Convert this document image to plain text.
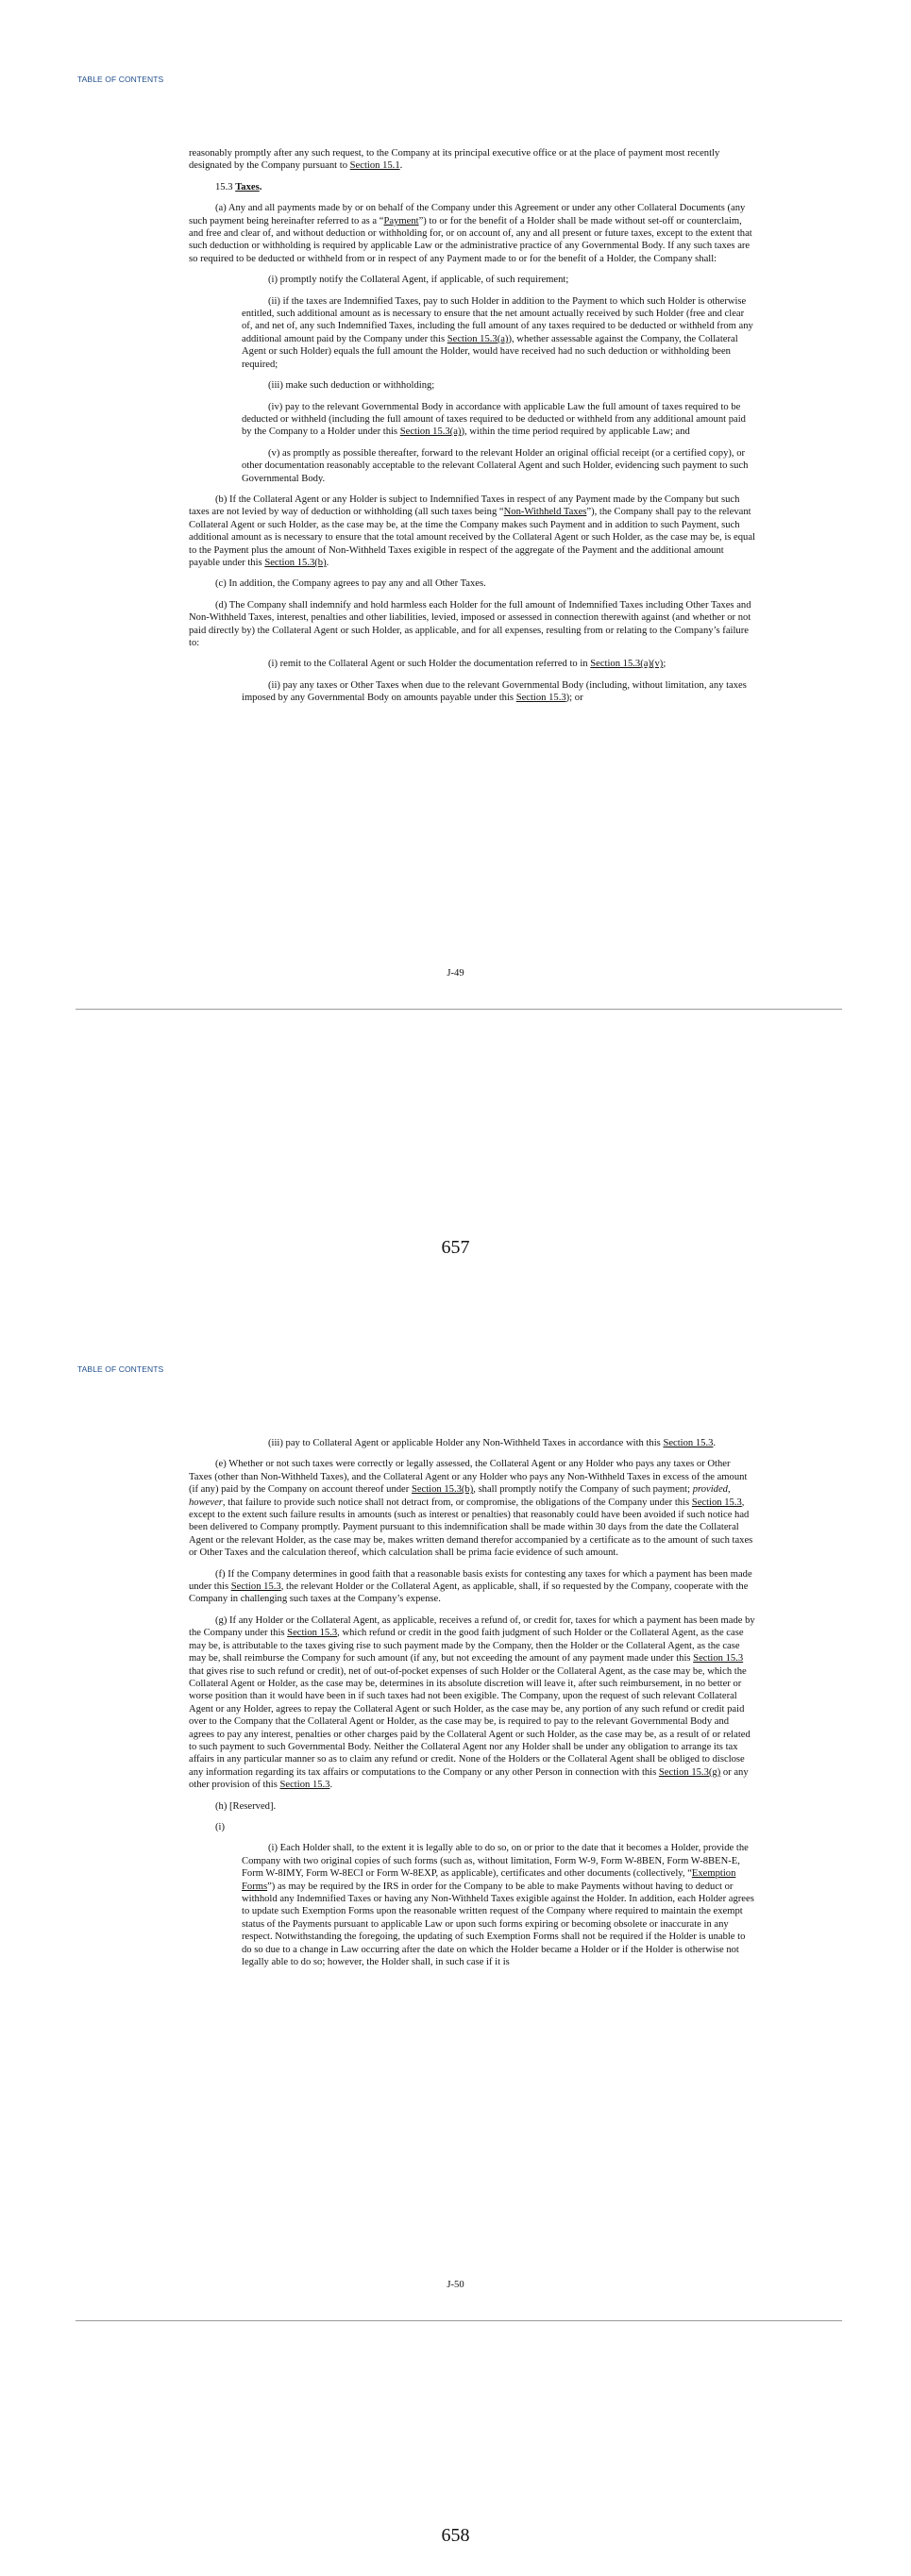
TABLE OF CONTENTS

reasonably promptly after any such request, to the Company at its principal executive office or at the place of payment most recently designated by the Company pursuant to Section 15.1.

15.3 Taxes.

(a) Any and all payments made by or on behalf of the Company under this Agreement or under any other Collateral Documents (any such payment being hereinafter referred to as a “Payment”) to or for the benefit of a Holder shall be made without set-off or counterclaim, and free and clear of, and without deduction or withholding for, or on account of, any and all present or future taxes, except to the extent that such deduction or withholding is required by applicable Law or the administrative practice of any Governmental Body. If any such taxes are so required to be deducted or withheld from or in respect of any Payment made to or for the benefit of a Holder, the Company shall:

(i) promptly notify the Collateral Agent, if applicable, of such requirement;

(ii) if the taxes are Indemnified Taxes, pay to such Holder in addition to the Payment to which such Holder is otherwise entitled, such additional amount as is necessary to ensure that the net amount actually received by such Holder (free and clear of, and net of, any such Indemnified Taxes, including the full amount of any taxes required to be deducted or withheld from any additional amount paid by the Company under this Section 15.3(a)), whether assessable against the Company, the Collateral Agent or such Holder) equals the full amount the Holder, would have received had no such deduction or withholding been required;

(iii) make such deduction or withholding;

(iv) pay to the relevant Governmental Body in accordance with applicable Law the full amount of taxes required to be deducted or withheld (including the full amount of taxes required to be deducted or withheld from any additional amount paid by the Company to a Holder under this Section 15.3(a)), within the time period required by applicable Law; and

(v) as promptly as possible thereafter, forward to the relevant Holder an original official receipt (or a certified copy), or other documentation reasonably acceptable to the relevant Collateral Agent and such Holder, evidencing such payment to such Governmental Body.

(b) If the Collateral Agent or any Holder is subject to Indemnified Taxes in respect of any Payment made by the Company but such taxes are not levied by way of deduction or withholding (all such taxes being “Non-Withheld Taxes”), the Company shall pay to the relevant Collateral Agent or such Holder, as the case may be, at the time the Company makes such Payment and in addition to such Payment, such additional amount as is necessary to ensure that the total amount received by the Collateral Agent or such Holder, as the case may be, is equal to the Payment plus the amount of Non-Withheld Taxes exigible in respect of the aggregate of the Payment and the additional amount payable under this Section 15.3(b).

(c) In addition, the Company agrees to pay any and all Other Taxes.

(d) The Company shall indemnify and hold harmless each Holder for the full amount of Indemnified Taxes including Other Taxes and Non-Withheld Taxes, interest, penalties and other liabilities, levied, imposed or assessed in connection therewith against (and whether or not paid directly by) the Collateral Agent or such Holder, as applicable, and for all expenses, resulting from or relating to the Company’s failure to:

(i) remit to the Collateral Agent or such Holder the documentation referred to in Section 15.3(a)(v);

(ii) pay any taxes or Other Taxes when due to the relevant Governmental Body (including, without limitation, any taxes imposed by any Governmental Body on amounts payable under this Section 15.3); or

J-49
657
TABLE OF CONTENTS

(iii) pay to Collateral Agent or applicable Holder any Non-Withheld Taxes in accordance with this Section 15.3.

(e) Whether or not such taxes were correctly or legally assessed, the Collateral Agent or any Holder who pays any taxes or Other Taxes (other than Non-Withheld Taxes), and the Collateral Agent or any Holder who pays any Non-Withheld Taxes in excess of the amount (if any) paid by the Company on account thereof under Section 15.3(b), shall promptly notify the Company of such payment; provided, however, that failure to provide such notice shall not detract from, or compromise, the obligations of the Company under this Section 15.3, except to the extent such failure results in amounts (such as interest or penalties) that reasonably could have been avoided if such notice had been delivered to Company promptly. Payment pursuant to this indemnification shall be made within 30 days from the date the Collateral Agent or the relevant Holder, as the case may be, makes written demand therefor accompanied by a certificate as to the amount of such taxes or Other Taxes and the calculation thereof, which calculation shall be prima facie evidence of such amount.

(f) If the Company determines in good faith that a reasonable basis exists for contesting any taxes for which a payment has been made under this Section 15.3, the relevant Holder or the Collateral Agent, as applicable, shall, if so requested by the Company, cooperate with the Company in challenging such taxes at the Company’s expense.

(g) If any Holder or the Collateral Agent, as applicable, receives a refund of, or credit for, taxes for which a payment has been made by the Company under this Section 15.3, which refund or credit in the good faith judgment of such Holder or the Collateral Agent, as the case may be, is attributable to the taxes giving rise to such payment made by the Company, then the Holder or the Collateral Agent, as the case may be, shall reimburse the Company for such amount (if any, but not exceeding the amount of any payment made under this Section 15.3 that gives rise to such refund or credit), net of out-of-pocket expenses of such Holder or the Collateral Agent, as the case may be, which the Collateral Agent or Holder, as the case may be, determines in its absolute discretion will leave it, after such reimbursement, in no better or worse position than it would have been in if such taxes had not been exigible. The Company, upon the request of such relevant Collateral Agent or any Holder, agrees to repay the Collateral Agent or such Holder, as the case may be, any portion of any such refund or credit paid over to the Company that the Collateral Agent or Holder, as the case may be, is required to pay to the relevant Governmental Body and agrees to pay any interest, penalties or other charges paid by the Collateral Agent or such Holder, as the case may be, as a result of or related to such payment to such Governmental Body. Neither the Collateral Agent nor any Holder shall be under any obligation to arrange its tax affairs in any particular manner so as to claim any refund or credit. None of the Holders or the Collateral Agent shall be obliged to disclose any information regarding its tax affairs or computations to the Company or any other Person in connection with this Section 15.3(g) or any other provision of this Section 15.3.

(h) [Reserved].

(i)

(i) Each Holder shall, to the extent it is legally able to do so, on or prior to the date that it becomes a Holder, provide the Company with two original copies of such forms (such as, without limitation, Form W-9, Form W-8BEN, Form W-8BEN-E, Form W-8IMY, Form W-8ECI or Form W-8EXP, as applicable), certificates and other documents (collectively, “Exemption Forms”) as may be required by the IRS in order for the Company to be able to make Payments without having to deduct or withhold any Indemnified Taxes or having any Non-Withheld Taxes exigible against the Holder. In addition, each Holder agrees to update such Exemption Forms upon the reasonable written request of the Company where required to maintain the exempt status of the Payments pursuant to applicable Law or upon such forms expiring or becoming obsolete or inaccurate in any respect. Notwithstanding the foregoing, the updating of such Exemption Forms shall not be required if the Holder is unable to do so due to a change in Law occurring after the date on which the Holder became a Holder or if the Holder is otherwise not legally able to do so; however, the Holder shall, in such case if it is

J-50
658
